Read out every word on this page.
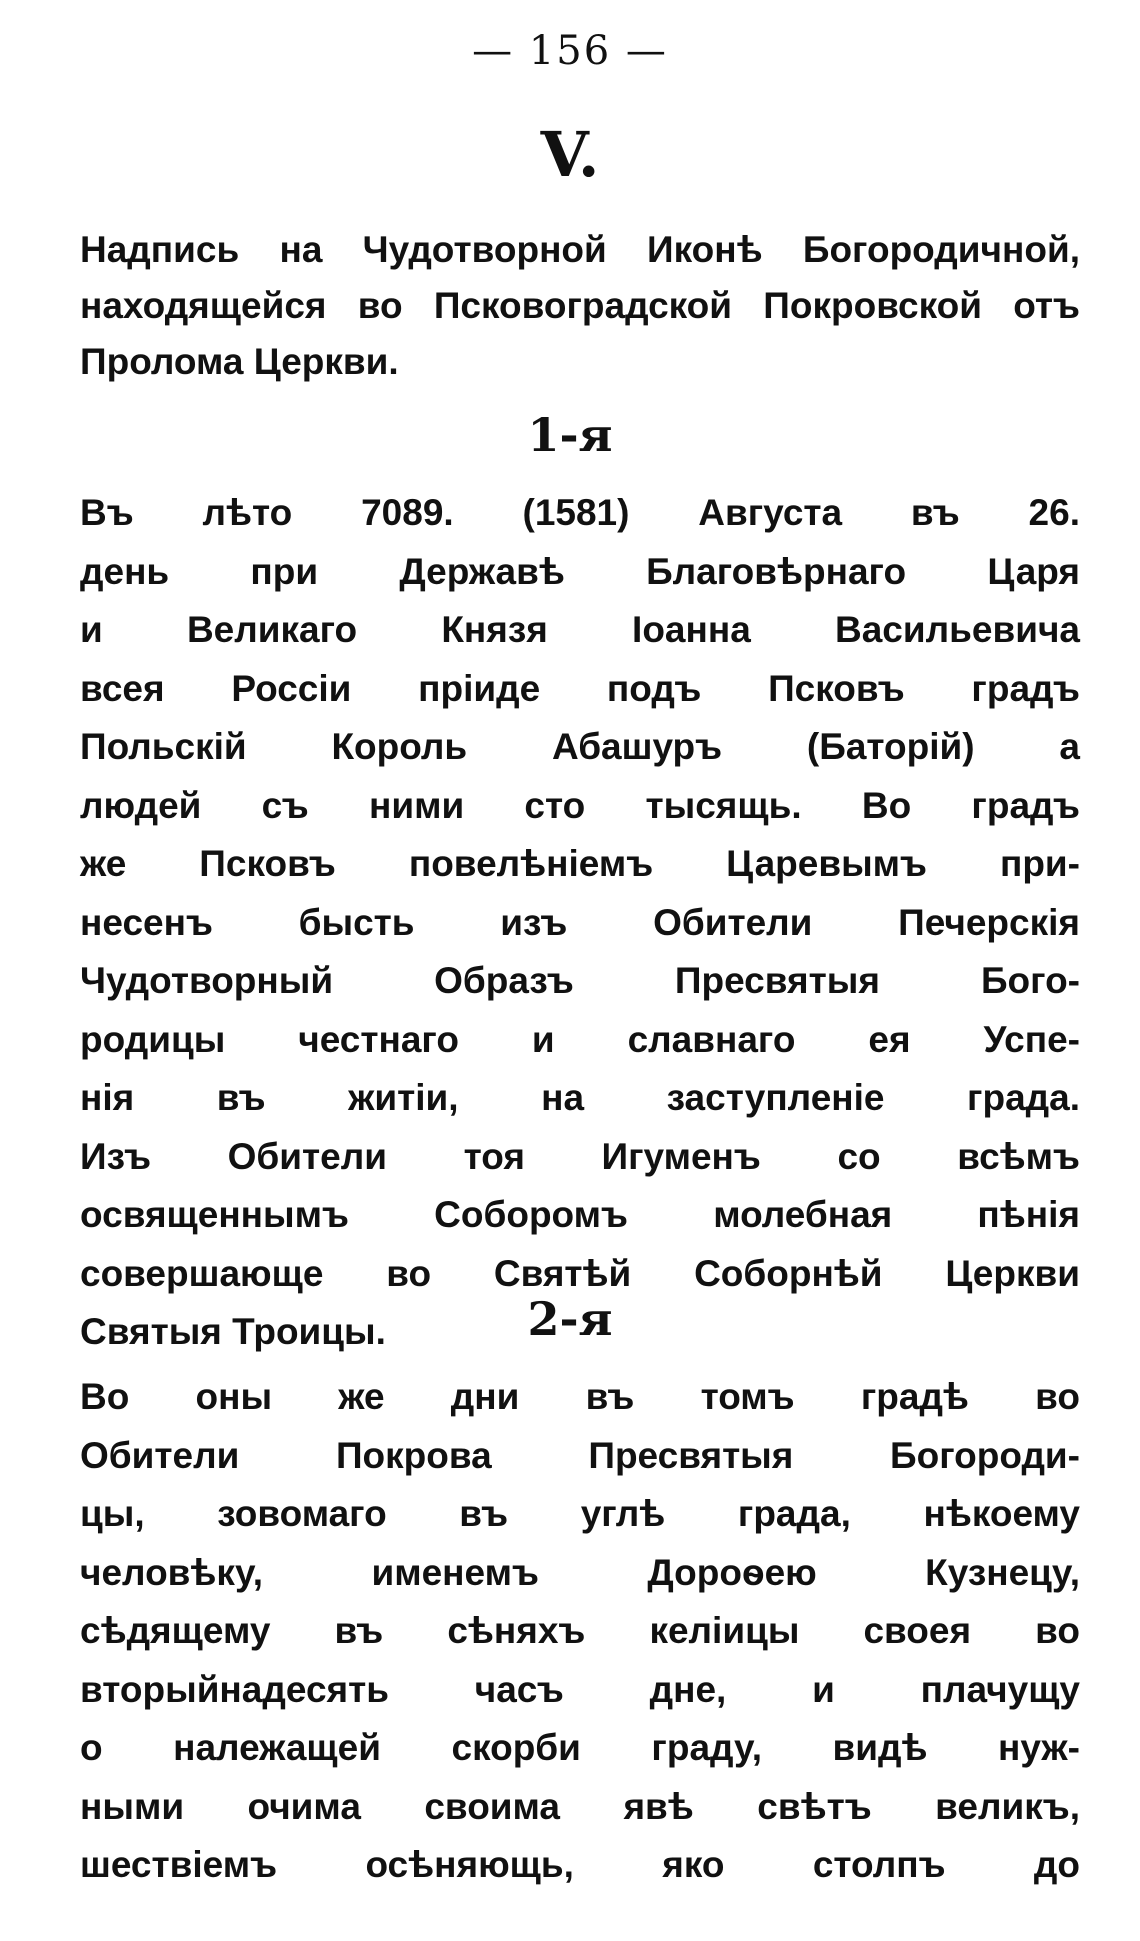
— 156 —
V.
Надпись на Чудотворной Иконѣ Богородичной, находящейся во Псковоградской Покровской отъ Пролома Церкви.
1-я
Въ лѣто 7089. (1581) Августа въ 26.
день при Державѣ Благовѣрнаго Царя
и Великаго Князя Іоанна Васильевича
всея Россіи пріиде подъ Псковъ градъ
Польскій Король Абашуръ (Баторій) а
людей съ ними сто тысящь. Во градъ
же Псковъ повелѣніемъ Царевымъ при-
несенъ бысть изъ Обители Печерскія
Чудотворный Образъ Пресвятыя Бого-
родицы честнаго и славнаго ея Успе-
нія въ житіи, на заступленіе града.
Изъ Обители тоя Игуменъ со всѣмъ
освященнымъ Соборомъ молебная пѣнія
совершающе во Святѣй Соборнѣй Церкви
Святыя Троицы.	2-я
Во оны же дни въ томъ градѣ во
Обители Покрова Пресвятыя Богороди-
цы, зовомаго въ углѣ града, нѣкоему
человѣку, именемъ Дороѳею Кузнецу,
сѣдящему въ сѣняхъ келіицы своея во
вторыйнадесять часъ дне, и плачущу
о належащей скорби граду, видѣ нуж-
ными очима своима явѣ свѣтъ великъ,
шествіемъ осѣняющь, яко столпъ до
